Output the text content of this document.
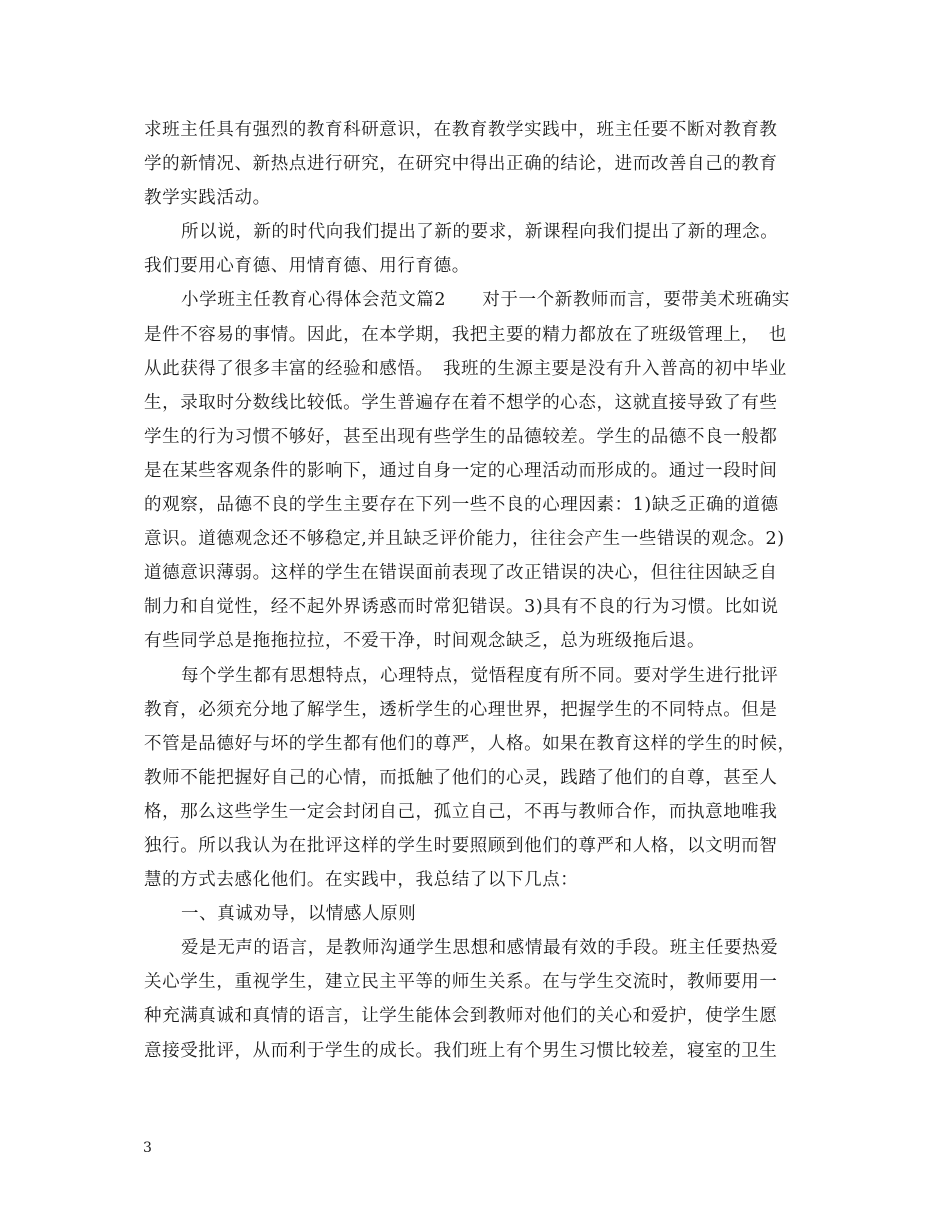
求班主任具有强烈的教育科研意识，在教育教学实践中，班主任要不断对教育教
学的新情况、新热点进行研究，在研究中得出正确的结论，进而改善自己的教育
教学实践活动。
所以说，新的时代向我们提出了新的要求，新课程向我们提出了新的理念。
我们要用心育德、用情育德、用行育德。
小学班主任教育心得体会范文篇2　　对于一个新教师而言，要带美术班确实
是件不容易的事情。因此，在本学期，我把主要的精力都放在了班级管理上，　也
从此获得了很多丰富的经验和感悟。　我班的生源主要是没有升入普高的初中毕业
生，录取时分数线比较低。学生普遍存在着不想学的心态，这就直接导致了有些
学生的行为习惯不够好，甚至出现有些学生的品德较差。学生的品德不良一般都
是在某些客观条件的影响下，通过自身一定的心理活动而形成的。通过一段时间
的观察，品德不良的学生主要存在下列一些不良的心理因素：1)缺乏正确的道德
意识。道德观念还不够稳定,并且缺乏评价能力，往往会产生一些错误的观念。2)
道德意识薄弱。这样的学生在错误面前表现了改正错误的决心，但往往因缺乏自
制力和自觉性，经不起外界诱惑而时常犯错误。3)具有不良的行为习惯。比如说
有些同学总是拖拖拉拉，不爱干净，时间观念缺乏，总为班级拖后退。
每个学生都有思想特点，心理特点，觉悟程度有所不同。要对学生进行批评
教育，必须充分地了解学生，透析学生的心理世界，把握学生的不同特点。但是
不管是品德好与坏的学生都有他们的尊严，人格。如果在教育这样的学生的时候，
教师不能把握好自己的心情，而抵触了他们的心灵，践踏了他们的自尊，甚至人
格，那么这些学生一定会封闭自己，孤立自己，不再与教师合作，而执意地唯我
独行。所以我认为在批评这样的学生时要照顾到他们的尊严和人格，以文明而智
慧的方式去感化他们。在实践中，我总结了以下几点：
一、真诚劝导，以情感人原则
爱是无声的语言，是教师沟通学生思想和感情最有效的手段。班主任要热爱
关心学生，重视学生，建立民主平等的师生关系。在与学生交流时，教师要用一
种充满真诚和真情的语言，让学生能体会到教师对他们的关心和爱护，使学生愿
意接受批评，从而利于学生的成长。我们班上有个男生习惯比较差，寝室的卫生
3
